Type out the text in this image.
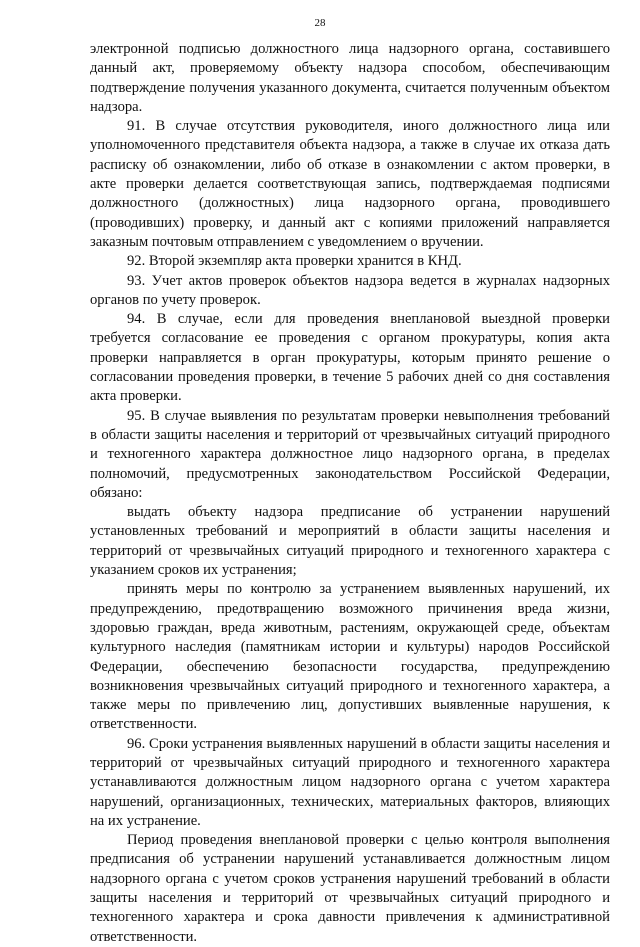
28

электронной подписью должностного лица надзорного органа, составившего данный акт, проверяемому объекту надзора способом, обеспечивающим подтверждение получения указанного документа, считается полученным объектом надзора.

91. В случае отсутствия руководителя, иного должностного лица или уполномоченного представителя объекта надзора, а также в случае их отказа дать расписку об ознакомлении, либо об отказе в ознакомлении с актом проверки, в акте проверки делается соответствующая запись, подтверждаемая подписями должностного (должностных) лица надзорного органа, проводившего (проводивших) проверку, и данный акт с копиями приложений направляется заказным почтовым отправлением с уведомлением о вручении.

92. Второй экземпляр акта проверки хранится в КНД.

93. Учет актов проверок объектов надзора ведется в журналах надзорных органов по учету проверок.

94. В случае, если для проведения внеплановой выездной проверки требуется согласование ее проведения с органом прокуратуры, копия акта проверки направляется в орган прокуратуры, которым принято решение о согласовании проведения проверки, в течение 5 рабочих дней со дня составления акта проверки.

95. В случае выявления по результатам проверки невыполнения требований в области защиты населения и территорий от чрезвычайных ситуаций природного и техногенного характера должностное лицо надзорного органа, в пределах полномочий, предусмотренных законодательством Российской Федерации, обязано:

выдать объекту надзора предписание об устранении нарушений установленных требований и мероприятий в области защиты населения и территорий от чрезвычайных ситуаций природного и техногенного характера с указанием сроков их устранения;

принять меры по контролю за устранением выявленных нарушений, их предупреждению, предотвращению возможного причинения вреда жизни, здоровью граждан, вреда животным, растениям, окружающей среде, объектам культурного наследия (памятникам истории и культуры) народов Российской Федерации, обеспечению безопасности государства, предупреждению возникновения чрезвычайных ситуаций природного и техногенного характера, а также меры по привлечению лиц, допустивших выявленные нарушения, к ответственности.

96. Сроки устранения выявленных нарушений в области защиты населения и территорий от чрезвычайных ситуаций природного и техногенного характера устанавливаются должностным лицом надзорного органа с учетом характера нарушений, организационных, технических, материальных факторов, влияющих на их устранение.

Период проведения внеплановой проверки с целью контроля выполнения предписания об устранении нарушений устанавливается должностным лицом надзорного органа с учетом сроков устранения нарушений требований в области защиты населения и территорий от чрезвычайных ситуаций природного и техногенного характера и срока давности привлечения к административной ответственности.
